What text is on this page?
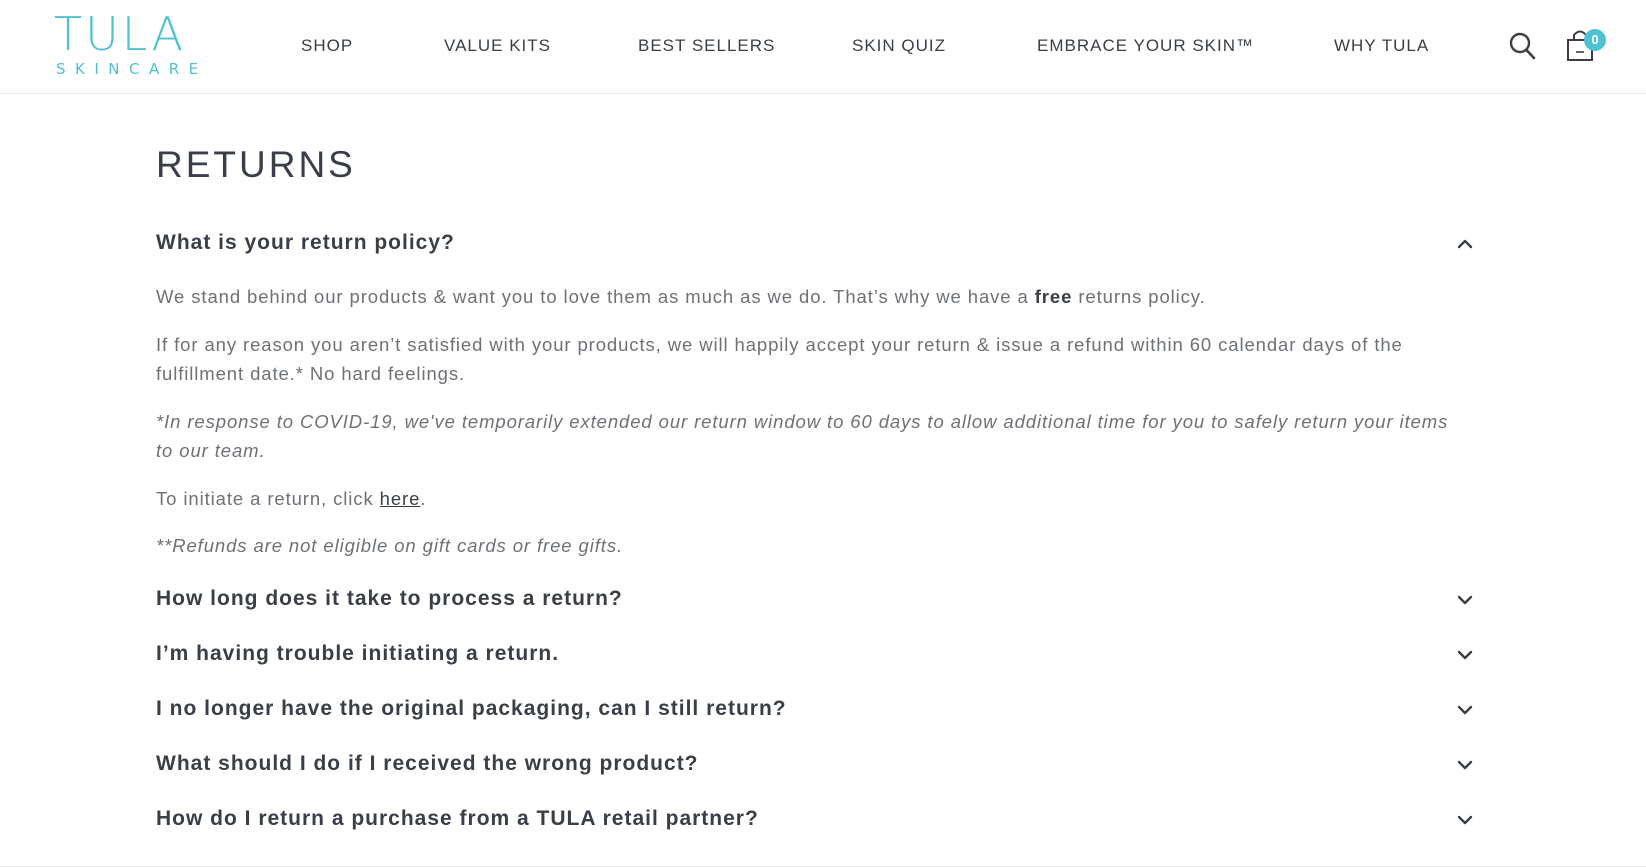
TULA
SKINCARE
SHOP	VALUE KITS	BEST SELLERS	SKIN QUIZ	EMBRACE YOUR SKIN™	WHY TULA	0
RETURNS
What is your return policy?

We stand behind our products & want you to love them as much as we do. That’s why we have a free returns policy.

If for any reason you aren’t satisfied with your products, we will happily accept your return & issue a refund within 60 calendar days of the fulfillment date.* No hard feelings.

*In response to COVID-19, we've temporarily extended our return window to 60 days to allow additional time for you to safely return your items to our team.

To initiate a return, click here.

**Refunds are not eligible on gift cards or free gifts.

How long does it take to process a return?
I’m having trouble initiating a return.
I no longer have the original packaging, can I still return?
What should I do if I received the wrong product?
How do I return a purchase from a TULA retail partner?
